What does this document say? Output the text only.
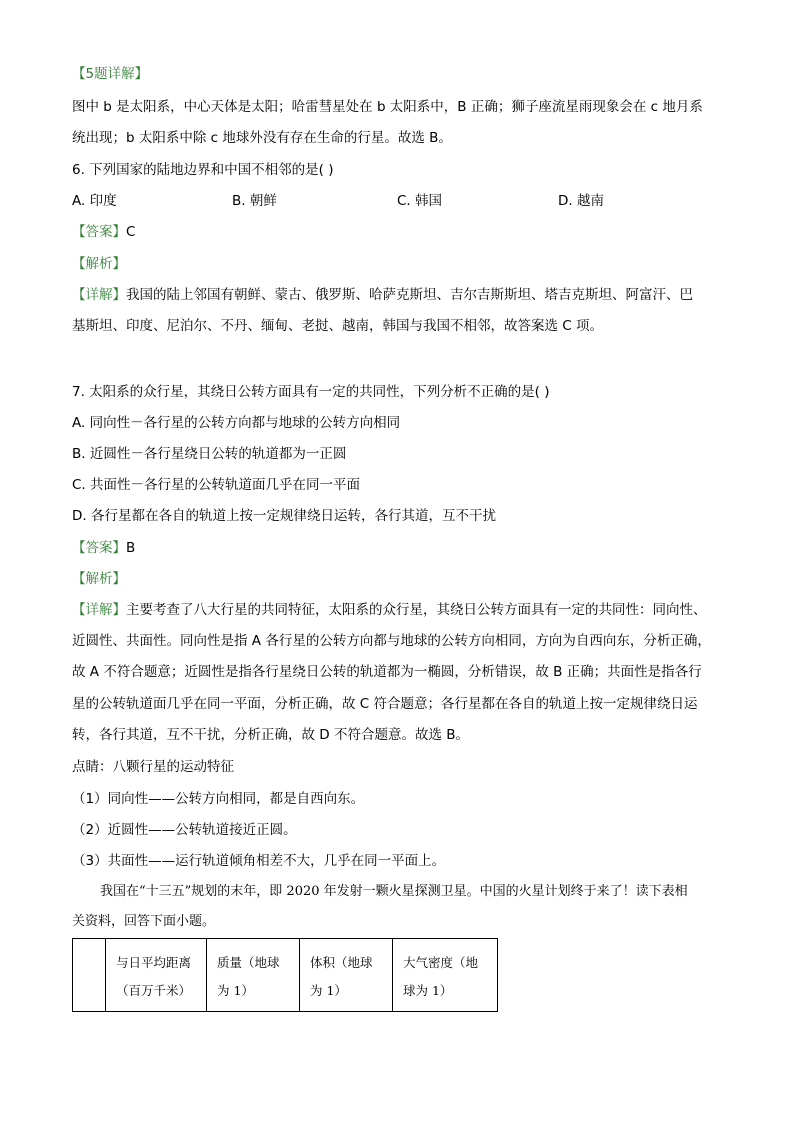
【5题详解】
图中 b 是太阳系，中心天体是太阳；哈雷彗星处在 b 太阳系中，B 正确；狮子座流星雨现象会在 c 地月系
统出现；b 太阳系中除 c 地球外没有存在生命的行星。故选 B。
6. 下列国家的陆地边界和中国不相邻的是( )
A. 印度	B. 朝鲜	C. 韩国	D. 越南
【答案】C
【解析】
【详解】我国的陆上邻国有朝鲜、蒙古、俄罗斯、哈萨克斯坦、吉尔吉斯斯坦、塔吉克斯坦、阿富汗、巴
基斯坦、印度、尼泊尔、不丹、缅甸、老挝、越南，韩国与我国不相邻，故答案选 C 项。
7. 太阳系的众行星，其绕日公转方面具有一定的共同性，下列分析不正确的是( )
A. 同向性－各行星的公转方向都与地球的公转方向相同
B. 近圆性－各行星绕日公转的轨道都为一正圆
C. 共面性－各行星的公转轨道面几乎在同一平面
D. 各行星都在各自的轨道上按一定规律绕日运转，各行其道，互不干扰
【答案】B
【解析】
【详解】主要考查了八大行星的共同特征，太阳系的众行星，其绕日公转方面具有一定的共同性：同向性、
近圆性、共面性。同向性是指 A 各行星的公转方向都与地球的公转方向相同，方向为自西向东，分析正确，
故 A 不符合题意；近圆性是指各行星绕日公转的轨道都为一椭圆，分析错误，故 B 正确；共面性是指各行
星的公转轨道面几乎在同一平面，分析正确，故 C 符合题意；各行星都在各自的轨道上按一定规律绕日运
转，各行其道，互不干扰，分析正确，故 D 不符合题意。故选 B。
点睛：八颗行星的运动特征
（1）同向性——公转方向相同，都是自西向东。
（2）近圆性——公转轨道接近正圆。
（3）共面性——运行轨道倾角相差不大，几乎在同一平面上。
我国在“十三五”规划的末年，即 2020 年发射一颗火星探测卫星。中国的火星计划终于来了！读下表相
关资料，回答下面小题。
	与日平均距离（百万千米）	质量（地球为 1）	体积（地球为 1）	大气密度（地球为 1）
